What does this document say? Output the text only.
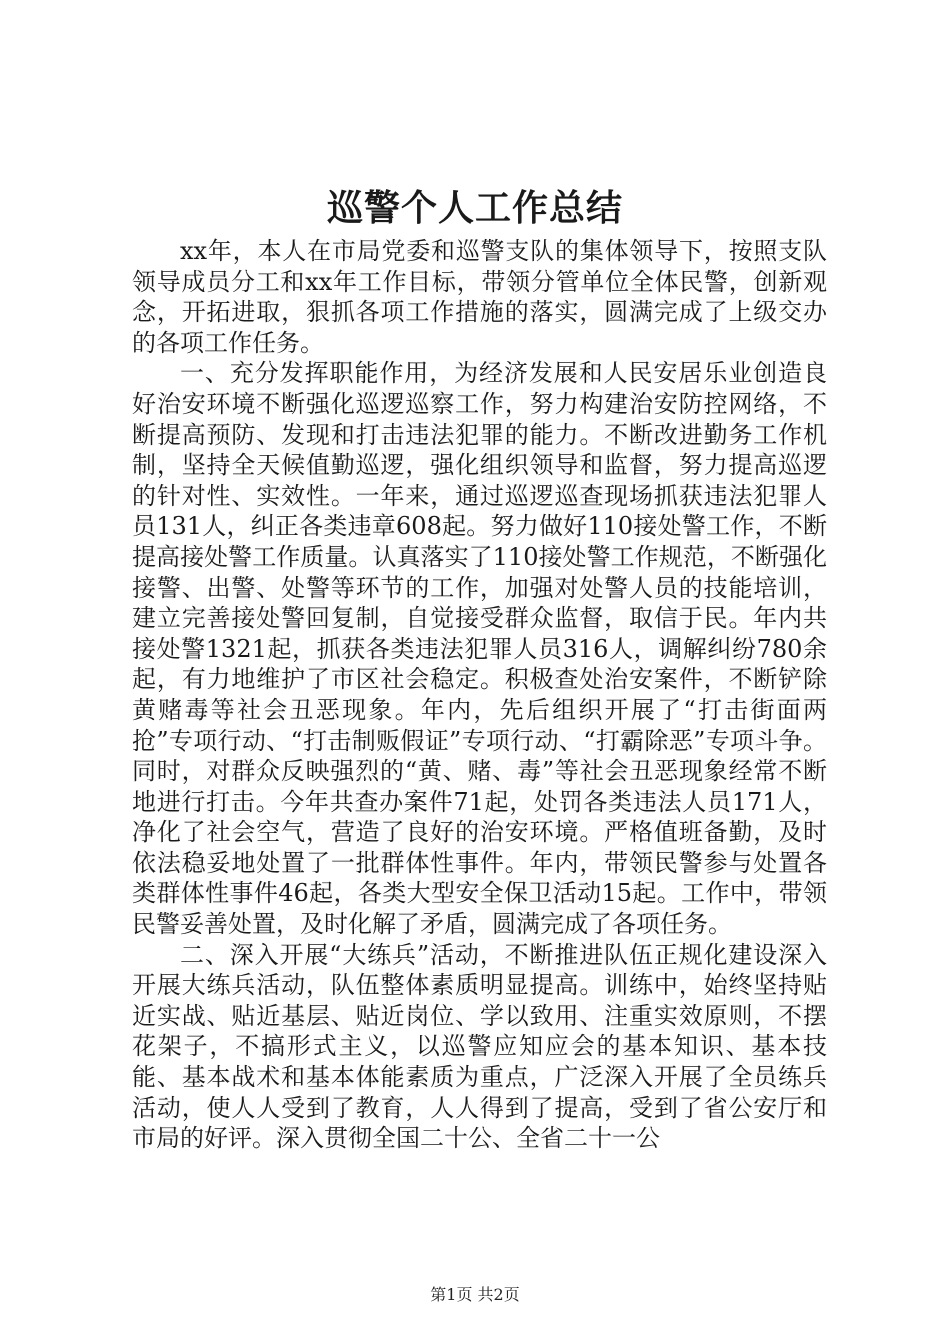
巡警个人工作总结

xx年，本人在市局党委和巡警支队的集体领导下，按照支队领导成员分工和xx年工作目标，带领分管单位全体民警，创新观念，开拓进取，狠抓各项工作措施的落实，圆满完成了上级交办的各项工作任务。

一、充分发挥职能作用，为经济发展和人民安居乐业创造良好治安环境不断强化巡逻巡察工作，努力构建治安防控网络，不断提高预防、发现和打击违法犯罪的能力。不断改进勤务工作机制，坚持全天候值勤巡逻，强化组织领导和监督，努力提高巡逻的针对性、实效性。一年来，通过巡逻巡查现场抓获违法犯罪人员131人，纠正各类违章608起。努力做好110接处警工作，不断提高接处警工作质量。认真落实了110接处警工作规范，不断强化接警、出警、处警等环节的工作，加强对处警人员的技能培训，建立完善接处警回复制，自觉接受群众监督，取信于民。年内共接处警1321起，抓获各类违法犯罪人员316人，调解纠纷780余起，有力地维护了市区社会稳定。积极查处治安案件，不断铲除黄赌毒等社会丑恶现象。年内，先后组织开展了“打击街面两抢”专项行动、“打击制贩假证”专项行动、“打霸除恶”专项斗争。同时，对群众反映强烈的“黄、赌、毒”等社会丑恶现象经常不断地进行打击。今年共查办案件71起，处罚各类违法人员171人，净化了社会空气，营造了良好的治安环境。严格值班备勤，及时依法稳妥地处置了一批群体性事件。年内，带领民警参与处置各类群体性事件46起，各类大型安全保卫活动15起。工作中，带领民警妥善处置，及时化解了矛盾，圆满完成了各项任务。

二、深入开展“大练兵”活动，不断推进队伍正规化建设深入开展大练兵活动，队伍整体素质明显提高。训练中，始终坚持贴近实战、贴近基层、贴近岗位、学以致用、注重实效原则，不摆花架子，不搞形式主义，以巡警应知应会的基本知识、基本技能、基本战术和基本体能素质为重点，广泛深入开展了全员练兵活动，使人人受到了教育，人人得到了提高，受到了省公安厅和市局的好评。深入贯彻全国二十公、全省二十一公

第1页 共2页
